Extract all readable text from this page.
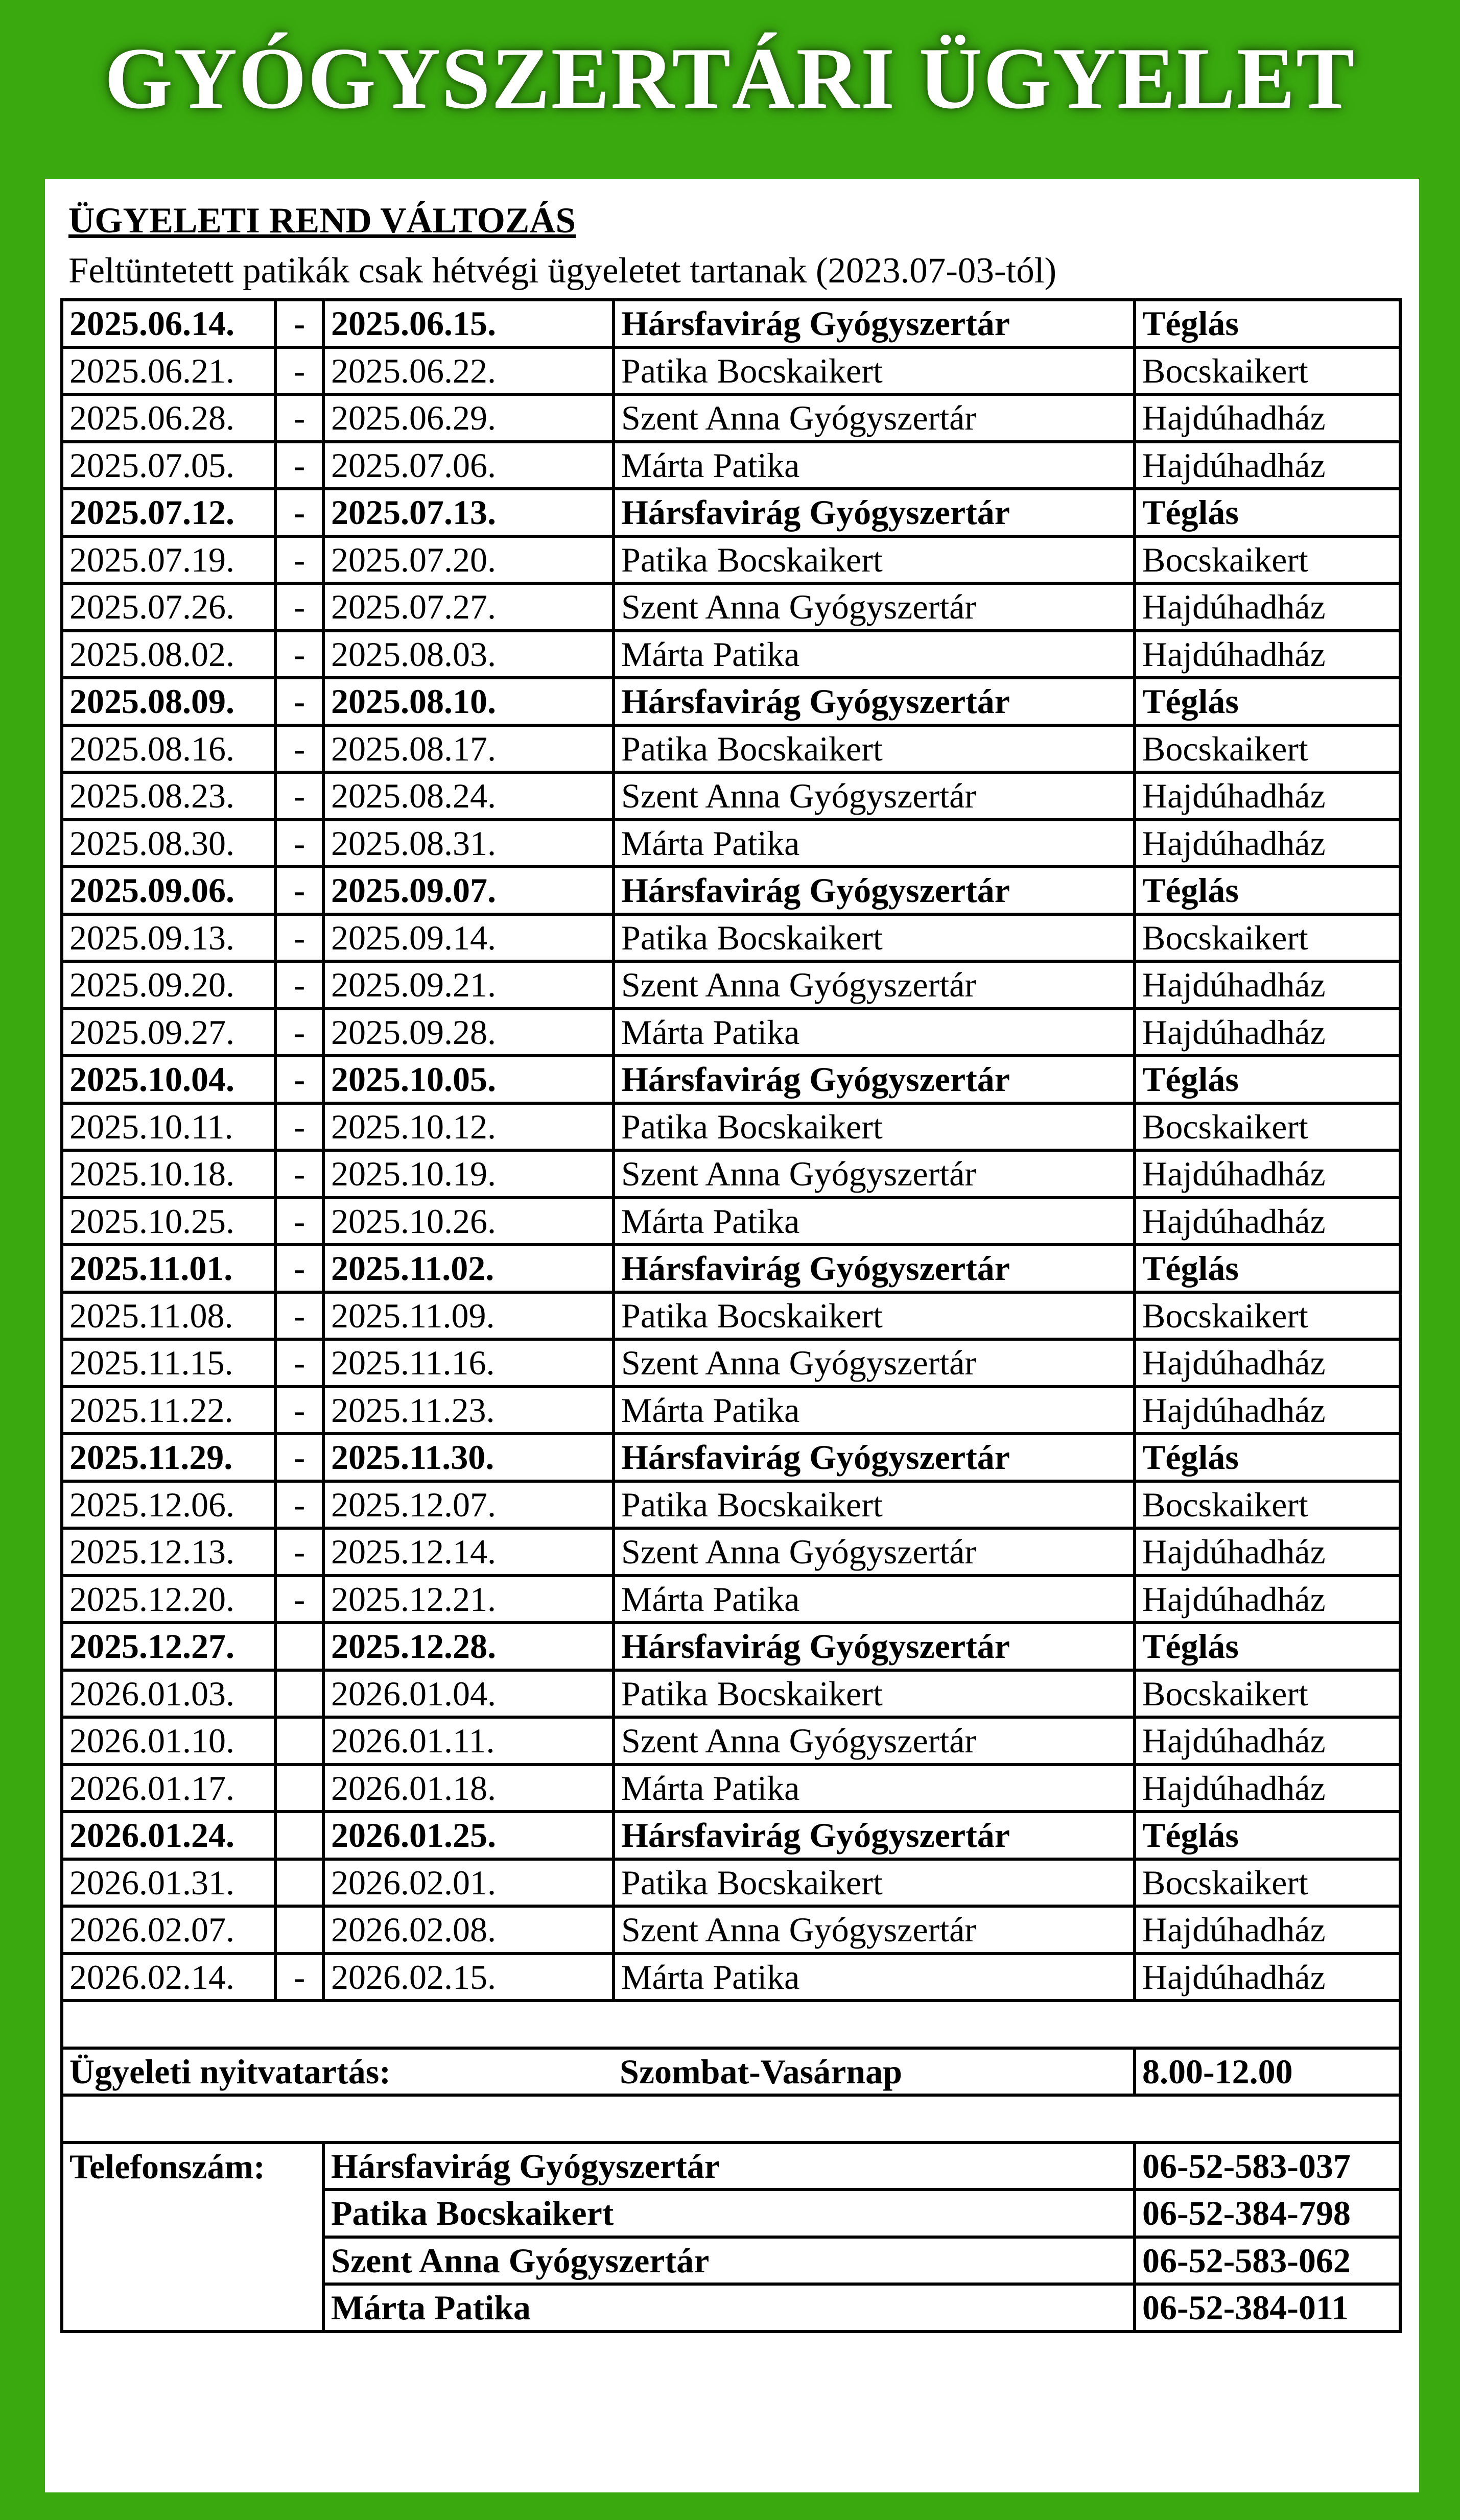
GYÓGYSZERTÁRI ÜGYELET
ÜGYELETI REND VÁLTOZÁS
Feltüntetett patikák csak hétvégi ügyeletet tartanak (2023.07-03-tól)
2025.06.14.	-	2025.06.15.	Hársfavirág Gyógyszertár	Téglás
2025.06.21.	-	2025.06.22.	Patika Bocskaikert	Bocskaikert
2025.06.28.	-	2025.06.29.	Szent Anna Gyógyszertár	Hajdúhadház
2025.07.05.	-	2025.07.06.	Márta Patika	Hajdúhadház
2025.07.12.	-	2025.07.13.	Hársfavirág Gyógyszertár	Téglás
2025.07.19.	-	2025.07.20.	Patika Bocskaikert	Bocskaikert
2025.07.26.	-	2025.07.27.	Szent Anna Gyógyszertár	Hajdúhadház
2025.08.02.	-	2025.08.03.	Márta Patika	Hajdúhadház
2025.08.09.	-	2025.08.10.	Hársfavirág Gyógyszertár	Téglás
2025.08.16.	-	2025.08.17.	Patika Bocskaikert	Bocskaikert
2025.08.23.	-	2025.08.24.	Szent Anna Gyógyszertár	Hajdúhadház
2025.08.30.	-	2025.08.31.	Márta Patika	Hajdúhadház
2025.09.06.	-	2025.09.07.	Hársfavirág Gyógyszertár	Téglás
2025.09.13.	-	2025.09.14.	Patika Bocskaikert	Bocskaikert
2025.09.20.	-	2025.09.21.	Szent Anna Gyógyszertár	Hajdúhadház
2025.09.27.	-	2025.09.28.	Márta Patika	Hajdúhadház
2025.10.04.	-	2025.10.05.	Hársfavirág Gyógyszertár	Téglás
2025.10.11.	-	2025.10.12.	Patika Bocskaikert	Bocskaikert
2025.10.18.	-	2025.10.19.	Szent Anna Gyógyszertár	Hajdúhadház
2025.10.25.	-	2025.10.26.	Márta Patika	Hajdúhadház
2025.11.01.	-	2025.11.02.	Hársfavirág Gyógyszertár	Téglás
2025.11.08.	-	2025.11.09.	Patika Bocskaikert	Bocskaikert
2025.11.15.	-	2025.11.16.	Szent Anna Gyógyszertár	Hajdúhadház
2025.11.22.	-	2025.11.23.	Márta Patika	Hajdúhadház
2025.11.29.	-	2025.11.30.	Hársfavirág Gyógyszertár	Téglás
2025.12.06.	-	2025.12.07.	Patika Bocskaikert	Bocskaikert
2025.12.13.	-	2025.12.14.	Szent Anna Gyógyszertár	Hajdúhadház
2025.12.20.	-	2025.12.21.	Márta Patika	Hajdúhadház
2025.12.27.		2025.12.28.	Hársfavirág Gyógyszertár	Téglás
2026.01.03.		2026.01.04.	Patika Bocskaikert	Bocskaikert
2026.01.10.		2026.01.11.	Szent Anna Gyógyszertár	Hajdúhadház
2026.01.17.		2026.01.18.	Márta Patika	Hajdúhadház
2026.01.24.		2026.01.25.	Hársfavirág Gyógyszertár	Téglás
2026.01.31.		2026.02.01.	Patika Bocskaikert	Bocskaikert
2026.02.07.		2026.02.08.	Szent Anna Gyógyszertár	Hajdúhadház
2026.02.14.	-	2026.02.15.	Márta Patika	Hajdúhadház

Ügyeleti nyitvatartás:			Szombat-Vasárnap	8.00-12.00

Telefonszám:		Hársfavirág Gyógyszertár		06-52-583-037
		Patika Bocskaikert		06-52-384-798
		Szent Anna Gyógyszertár		06-52-583-062
		Márta Patika		06-52-384-011
